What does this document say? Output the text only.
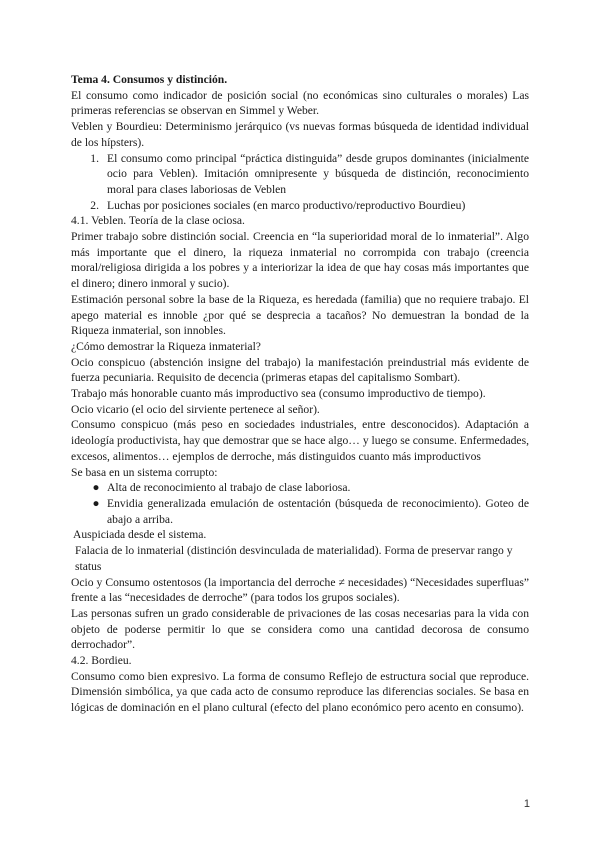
Tema 4. Consumos y distinción.

El consumo como indicador de posición social (no económicas sino culturales o morales) Las primeras referencias se observan en Simmel y Weber.

Veblen y Bourdieu: Determinismo jerárquico (vs nuevas formas búsqueda de identidad individual de los hípsters).

1. El consumo como principal “práctica distinguida” desde grupos dominantes (inicialmente ocio para Veblen). Imitación omnipresente y búsqueda de distinción, reconocimiento moral para clases laboriosas de Veblen
2. Luchas por posiciones sociales (en marco productivo/reproductivo Bourdieu)

4.1. Veblen. Teoría de la clase ociosa.

Primer trabajo sobre distinción social. Creencia en “la superioridad moral de lo inmaterial”. Algo más importante que el dinero, la riqueza inmaterial no corrompida con trabajo (creencia moral/religiosa dirigida a los pobres y a interiorizar la idea de que hay cosas más importantes que el dinero; dinero inmoral y sucio).

Estimación personal sobre la base de la Riqueza, es heredada (familia) que no requiere trabajo. El apego material es innoble ¿por qué se desprecia a tacaños? No demuestran la bondad de la Riqueza inmaterial, son innobles.

¿Cómo demostrar la Riqueza inmaterial?

Ocio conspicuo (abstención insigne del trabajo) la manifestación preindustrial más evidente de fuerza pecuniaria. Requisito de decencia (primeras etapas del capitalismo Sombart).

Trabajo más honorable cuanto más improductivo sea (consumo improductivo de tiempo).

Ocio vicario (el ocio del sirviente pertenece al señor).

Consumo conspicuo (más peso en sociedades industriales, entre desconocidos). Adaptación a ideología productivista, hay que demostrar que se hace algo… y luego se consume. Enfermedades, excesos, alimentos… ejemplos de derroche, más distinguidos cuanto más improductivos

Se basa en un sistema corrupto:

● Alta de reconocimiento al trabajo de clase laboriosa.
● Envidia generalizada emulación de ostentación (búsqueda de reconocimiento). Goteo de abajo a arriba.

Auspiciada desde el sistema.

Falacia de lo inmaterial (distinción desvinculada de materialidad). Forma de preservar rango y status

Ocio y Consumo ostentosos (la importancia del derroche ≠ necesidades) “Necesidades superfluas” frente a las “necesidades de derroche” (para todos los grupos sociales).

Las personas sufren un grado considerable de privaciones de las cosas necesarias para la vida con objeto de poderse permitir lo que se considera como una cantidad decorosa de consumo derrochador”.

4.2. Bordieu.

Consumo como bien expresivo. La forma de consumo Reflejo de estructura social que reproduce. Dimensión simbólica, ya que cada acto de consumo reproduce las diferencias sociales. Se basa en lógicas de dominación en el plano cultural (efecto del plano económico pero acento en consumo).

1
